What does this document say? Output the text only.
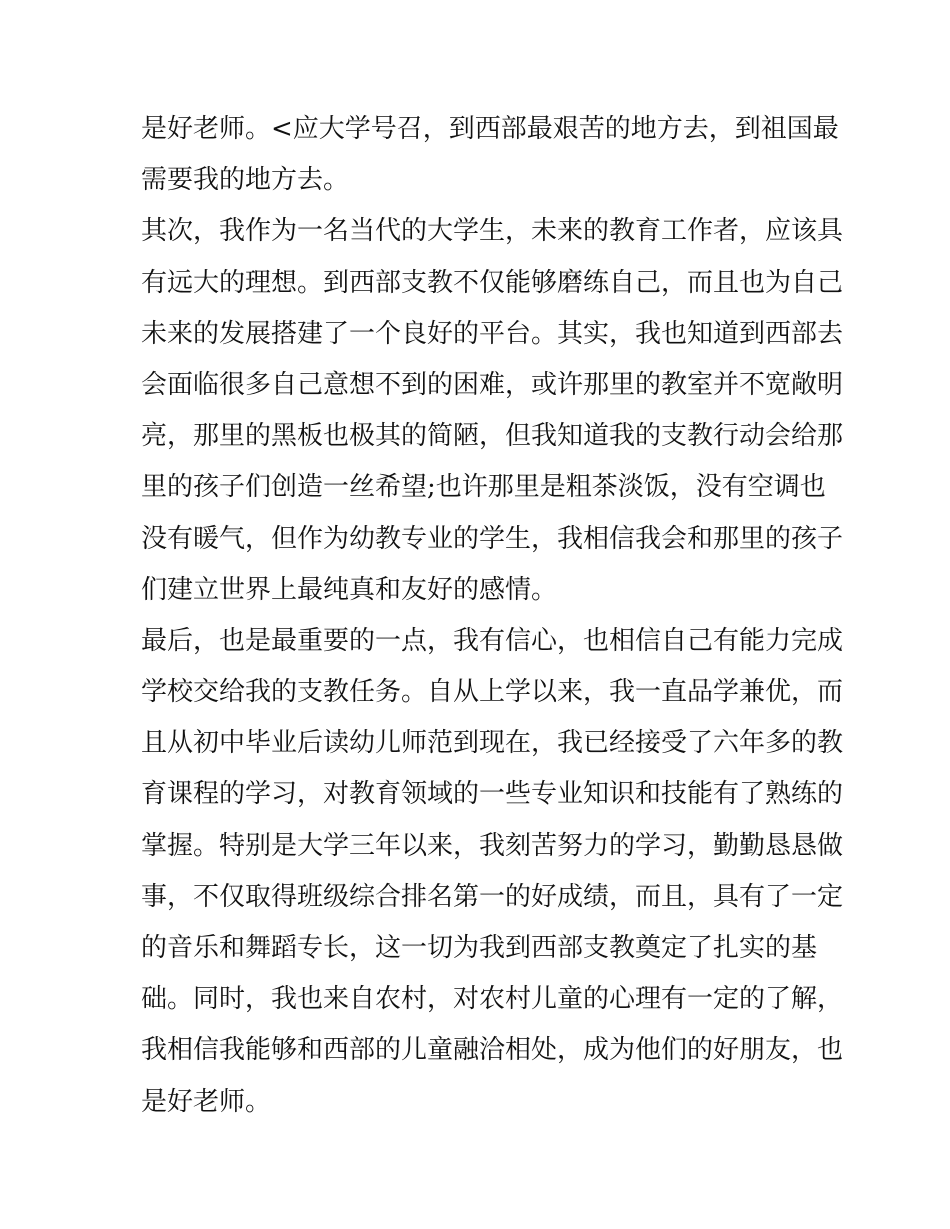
是好老师。<应大学号召，到西部最艰苦的地方去，到祖国最
需要我的地方去。
其次，我作为一名当代的大学生，未来的教育工作者，应该具
有远大的理想。到西部支教不仅能够磨练自己，而且也为自己
未来的发展搭建了一个良好的平台。其实，我也知道到西部去
会面临很多自己意想不到的困难，或许那里的教室并不宽敞明
亮，那里的黑板也极其的简陋，但我知道我的支教行动会给那
里的孩子们创造一丝希望;也许那里是粗茶淡饭，没有空调也
没有暖气，但作为幼教专业的学生，我相信我会和那里的孩子
们建立世界上最纯真和友好的感情。
最后，也是最重要的一点，我有信心，也相信自己有能力完成
学校交给我的支教任务。自从上学以来，我一直品学兼优，而
且从初中毕业后读幼儿师范到现在，我已经接受了六年多的教
育课程的学习，对教育领域的一些专业知识和技能有了熟练的
掌握。特别是大学三年以来，我刻苦努力的学习，勤勤恳恳做
事，不仅取得班级综合排名第一的好成绩，而且，具有了一定
的音乐和舞蹈专长，这一切为我到西部支教奠定了扎实的基
础。同时，我也来自农村，对农村儿童的心理有一定的了解，
我相信我能够和西部的儿童融洽相处，成为他们的好朋友，也
是好老师。
